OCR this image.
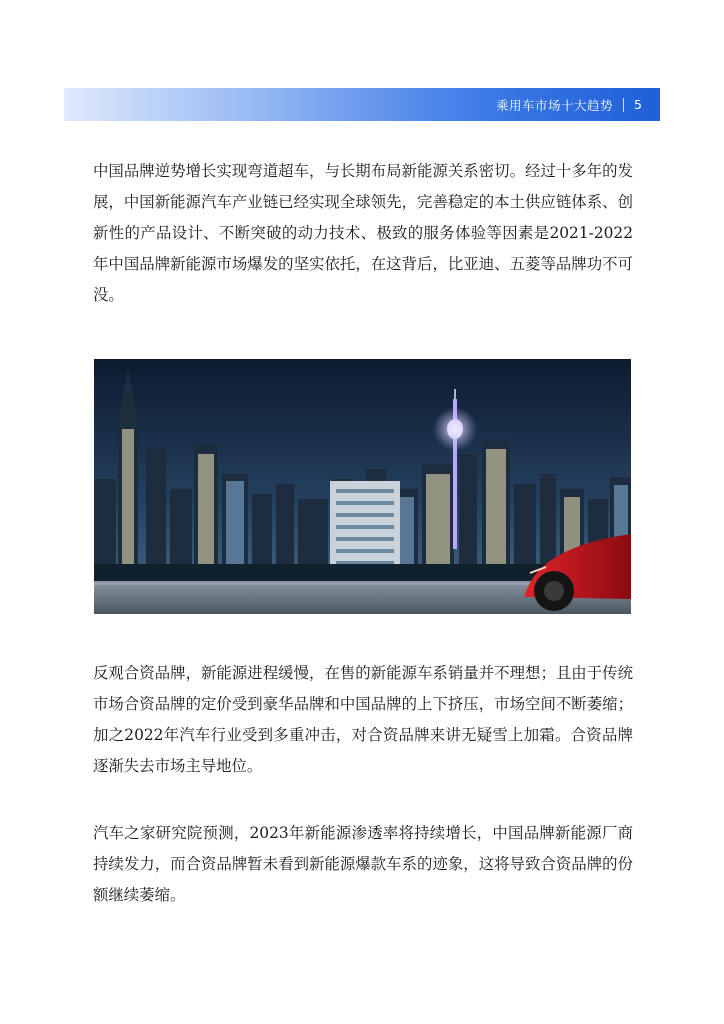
乘用车市场十大趋势 5

中国品牌逆势增长实现弯道超车，与长期布局新能源关系密切。经过十多年的发展，中国新能源汽车产业链已经实现全球领先，完善稳定的本土供应链体系、创新性的产品设计、不断突破的动力技术、极致的服务体验等因素是2021-2022年中国品牌新能源市场爆发的坚实依托，在这背后，比亚迪、五菱等品牌功不可没。

反观合资品牌，新能源进程缓慢，在售的新能源车系销量并不理想；且由于传统市场合资品牌的定价受到豪华品牌和中国品牌的上下挤压，市场空间不断萎缩；加之2022年汽车行业受到多重冲击，对合资品牌来讲无疑雪上加霜。合资品牌逐渐失去市场主导地位。

汽车之家研究院预测，2023年新能源渗透率将持续增长，中国品牌新能源厂商持续发力，而合资品牌暂未看到新能源爆款车系的迹象，这将导致合资品牌的份额继续萎缩。
